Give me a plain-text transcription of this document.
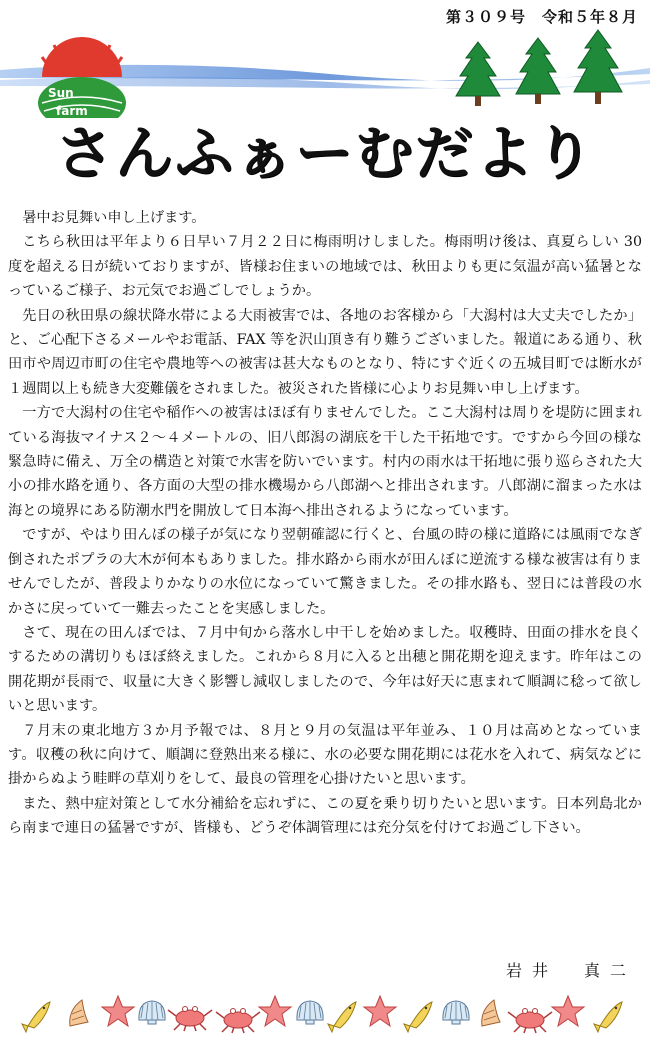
第３０９号　令和５年８月
Sun
farm
さんふぁーむだより

暑中お見舞い申し上げます。

こちら秋田は平年より６日早い７月２２日に梅雨明けしました。梅雨明け後は、真夏らしい 30 度を超える日が続いておりますが、皆様お住まいの地域では、秋田よりも更に気温が高い猛暑となっているご様子、お元気でお過ごしでしょうか。

先日の秋田県の線状降水帯による大雨被害では、各地のお客様から「大潟村は大丈夫でしたか」と、ご心配下さるメールやお電話、FAX 等を沢山頂き有り難うございました。報道にある通り、秋田市や周辺市町の住宅や農地等への被害は甚大なものとなり、特にすぐ近くの五城目町では断水が１週間以上も続き大変難儀をされました。被災された皆様に心よりお見舞い申し上げます。

一方で大潟村の住宅や稲作への被害はほぼ有りませんでした。ここ大潟村は周りを堤防に囲まれている海抜マイナス２～４メートルの、旧八郎潟の湖底を干した干拓地です。ですから今回の様な緊急時に備え、万全の構造と対策で水害を防いでいます。村内の雨水は干拓地に張り巡らされた大小の排水路を通り、各方面の大型の排水機場から八郎湖へと排出されます。八郎湖に溜まった水は海との境界にある防潮水門を開放して日本海へ排出されるようになっています。

ですが、やはり田んぼの様子が気になり翌朝確認に行くと、台風の時の様に道路には風雨でなぎ倒されたポプラの大木が何本もありました。排水路から雨水が田んぼに逆流する様な被害は有りませんでしたが、普段よりかなりの水位になっていて驚きました。その排水路も、翌日には普段の水かさに戻っていて一難去ったことを実感しました。

さて、現在の田んぼでは、７月中旬から落水し中干しを始めました。収穫時、田面の排水を良くするための溝切りもほぼ終えました。これから８月に入ると出穂と開花期を迎えます。昨年はこの開花期が長雨で、収量に大きく影響し減収しましたので、今年は好天に恵まれて順調に稔って欲しいと思います。

７月末の東北地方３か月予報では、８月と９月の気温は平年並み、１０月は高めとなっています。収穫の秋に向けて、順調に登熟出来る様に、水の必要な開花期には花水を入れて、病気などに掛からぬよう畦畔の草刈りをして、最良の管理を心掛けたいと思います。

また、熱中症対策として水分補給を忘れずに、この夏を乗り切りたいと思います。日本列島北から南まで連日の猛暑ですが、皆様も、どうぞ体調管理には充分気を付けてお過ごし下さい。

岩井　真二
